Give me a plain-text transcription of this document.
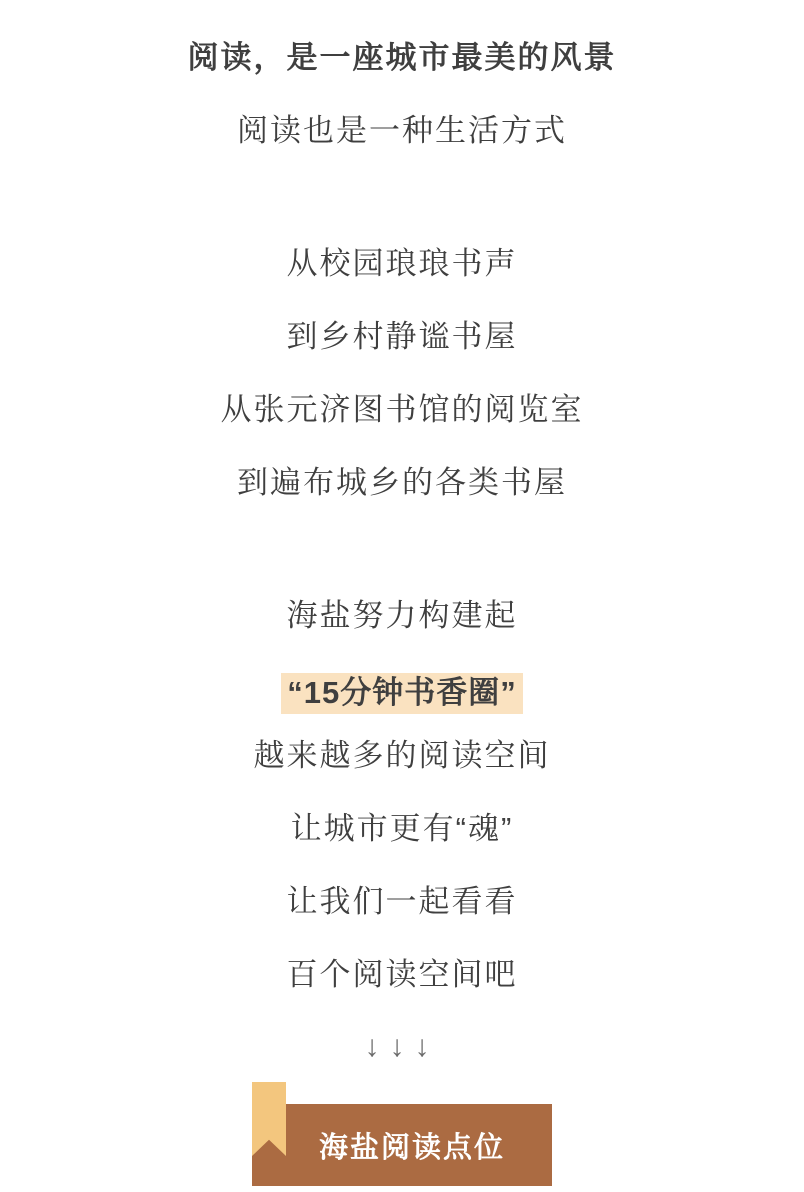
阅读，是一座城市最美的风景
阅读也是一种生活方式
从校园琅琅书声
到乡村静谧书屋
从张元济图书馆的阅览室
到遍布城乡的各类书屋
海盐努力构建起
“15分钟书香圈”
越来越多的阅读空间
让城市更有“魂”
让我们一起看看
百个阅读空间吧
↓↓↓
海盐阅读点位
